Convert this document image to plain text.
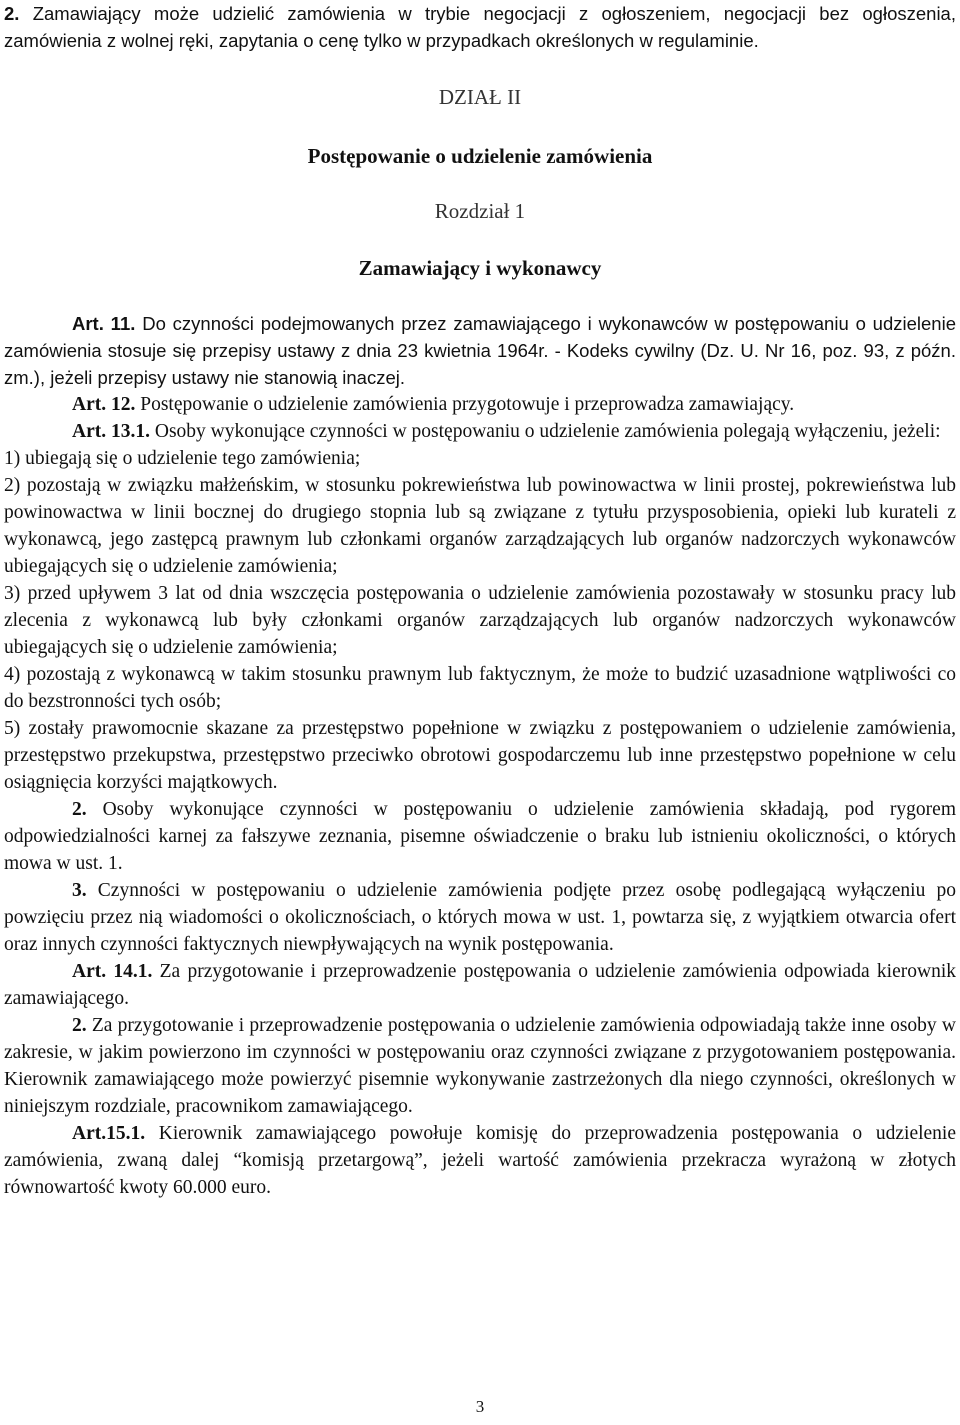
2. Zamawiający może udzielić zamówienia w trybie negocjacji z ogłoszeniem, negocjacji bez ogłoszenia, zamówienia z wolnej ręki, zapytania o cenę tylko w przypadkach określonych w regulaminie.

DZIAŁ II

Postępowanie o udzielenie zamówienia

Rozdział 1

Zamawiający i wykonawcy

Art. 11. Do czynności podejmowanych przez zamawiającego i wykonawców w postępowaniu o udzielenie zamówienia stosuje się przepisy ustawy z dnia 23 kwietnia 1964r. - Kodeks cywilny (Dz. U. Nr 16, poz. 93, z późn. zm.), jeżeli przepisy ustawy nie stanowią inaczej.

Art. 12. Postępowanie o udzielenie zamówienia przygotowuje i przeprowadza zamawiający.

Art. 13.1. Osoby wykonujące czynności w postępowaniu o udzielenie zamówienia polegają wyłączeniu, jeżeli:

1) ubiegają się o udzielenie tego zamówienia;

2) pozostają w związku małżeńskim, w stosunku pokrewieństwa lub powinowactwa w linii prostej, pokrewieństwa lub powinowactwa w linii bocznej do drugiego stopnia lub są związane z tytułu przysposobienia, opieki lub kurateli z wykonawcą, jego zastępcą prawnym lub członkami organów zarządzających lub organów nadzorczych wykonawców ubiegających się o udzielenie zamówienia;

3) przed upływem 3 lat od dnia wszczęcia postępowania o udzielenie zamówienia pozostawały w stosunku pracy lub zlecenia z wykonawcą lub były członkami organów zarządzających lub organów nadzorczych wykonawców ubiegających się o udzielenie zamówienia;

4) pozostają z wykonawcą w takim stosunku prawnym lub faktycznym, że może to budzić uzasadnione wątpliwości co do bezstronności tych osób;

5) zostały prawomocnie skazane za przestępstwo popełnione w związku z postępowaniem o udzielenie zamówienia, przestępstwo przekupstwa, przestępstwo przeciwko obrotowi gospodarczemu lub inne przestępstwo popełnione w celu osiągnięcia korzyści majątkowych.

2. Osoby wykonujące czynności w postępowaniu o udzielenie zamówienia składają, pod rygorem odpowiedzialności karnej za fałszywe zeznania, pisemne oświadczenie o braku lub istnieniu okoliczności, o których mowa w ust. 1.

3. Czynności w postępowaniu o udzielenie zamówienia podjęte przez osobę podlegającą wyłączeniu po powzięciu przez nią wiadomości o okolicznościach, o których mowa w ust. 1, powtarza się, z wyjątkiem otwarcia ofert oraz innych czynności faktycznych niewpływających na wynik postępowania.

Art. 14.1. Za przygotowanie i przeprowadzenie postępowania o udzielenie zamówienia odpowiada kierownik zamawiającego.

2. Za przygotowanie i przeprowadzenie postępowania o udzielenie zamówienia odpowiadają także inne osoby w zakresie, w jakim powierzono im czynności w postępowaniu oraz czynności związane z przygotowaniem postępowania. Kierownik zamawiającego może powierzyć pisemnie wykonywanie zastrzeżonych dla niego czynności, określonych w niniejszym rozdziale, pracownikom zamawiającego.

Art.15.1. Kierownik zamawiającego powołuje komisję do przeprowadzenia postępowania o udzielenie zamówienia, zwaną dalej “komisją przetargową”, jeżeli wartość zamówienia przekracza wyrażoną w złotych równowartość kwoty 60.000 euro.

3
